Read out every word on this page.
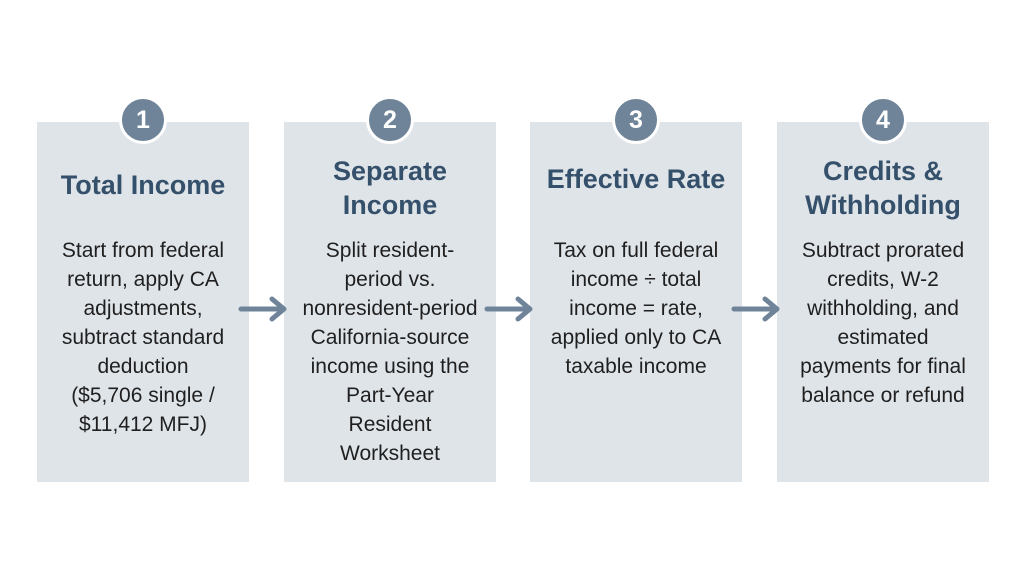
Total Income
Start from federal
return, apply CA
adjustments,
subtract standard
deduction
($5,706 single /
$11,412 MFJ)
Separate
Income
Split resident-
period vs.
nonresident-period
California-source
income using the
Part-Year
Resident
Worksheet
Effective Rate
Tax on full federal
income ÷ total
income = rate,
applied only to CA
taxable income
Credits &
Withholding
Subtract prorated
credits, W-2
withholding, and
estimated
payments for final
balance or refund
1	2	3	4
